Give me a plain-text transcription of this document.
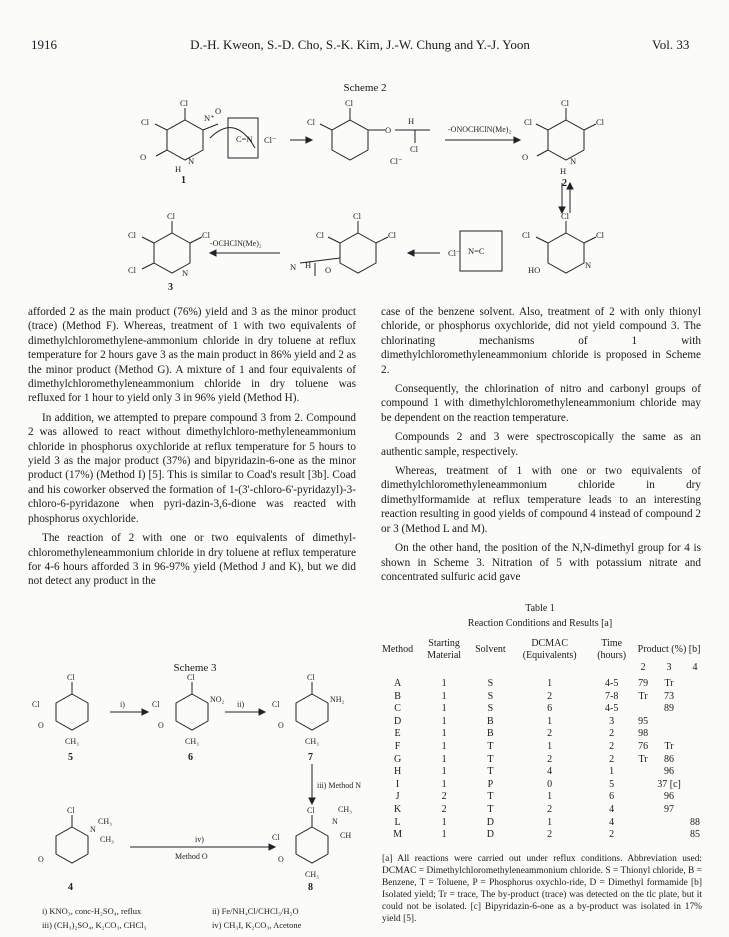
1916	D.-H. Kweon, S.-D. Cho, S.-K. Kim, J.-W. Chung and Y.-J. Yoon	Vol. 33
Scheme 2
Cl
Cl	N⁺
O
O	N
H
Cl⁻
C=N
Cl
Cl
O
H
Cl
Cl⁻
Cl
Cl	Cl
O	N
H
Cl
Cl	Cl
HO	N
Cl⁻ N=C
Cl
Cl	Cl
N H O
Cl
Cl	Cl
Cl	N
1	2
3
-ONOCHClN(Me)₂
-OCHClN(Me)₂

afforded 2 as the main product (76%) yield and 3 as the minor product (trace) (Method F). Whereas, treatment of 1 with two equivalents of dimethylchloromethylene-ammonium chloride in dry toluene at reflux temperature for 2 hours gave 3 as the main product in 86% yield and 2 as the minor product (Method G). A mixture of 1 and four equivalents of dimethylchloromethyleneammonium chloride in dry toluene was refluxed for 1 hour to yield only 3 in 96% yield (Method H).

In addition, we attempted to prepare compound 3 from 2. Compound 2 was allowed to react without dimethylchloro-methyleneammonium chloride in phosphorus oxychloride at reflux temperature for 5 hours to yield 3 as the major product (37%) and bipyridazin-6-one as the minor product (17%) (Method I) [5]. This is similar to Coad's result [3b]. Coad and his coworker observed the formation of 1-(3'-chloro-6'-pyridazyl)-3-chloro-6-pyridazone when pyri-dazin-3,6-dione was reacted with phosphorus oxychloride.

The reaction of 2 with one or two equivalents of dimethyl-chloromethyleneammonium chloride in dry toluene at reflux temperature for 4-6 hours afforded 3 in 96-97% yield (Method J and K), but we did not detect any product in the

case of the benzene solvent. Also, treatment of 2 with only thionyl chloride, or phosphorus oxychloride, did not yield compound 3. The chlorinating mechanisms of 1 with dimethylchloromethyleneammonium chloride is proposed in Scheme 2.

Consequently, the chlorination of nitro and carbonyl groups of compound 1 with dimethylchloromethyleneammonium chloride may be dependent on the reaction temperature.

Compounds 2 and 3 were spectroscopically the same as an authentic sample, respectively.

Whereas, treatment of 1 with one or two equivalents of dimethylchloromethyleneammonium chloride in dry dimethylformamide at reflux temperature leads to an interesting reaction resulting in good yields of compound 4 instead of compound 2 or 3 (Method L and M).

On the other hand, the position of the N,N-dimethyl group for 4 is shown in Scheme 3. Nitration of 5 with potassium nitrate and concentrated sulfuric acid gave

Scheme 3
Cl
Cl
O
CH₃
Cl
Cl
NO₂
O
CH₃
Cl
Cl
NH₂
O
CH₃
Cl
N
CH₃
CH₃
O
Cl
Cl
N
CH₃
CH
O
CH₃
5	6	7
8
4
i)	ii)
iii) Method N
iv)
Method O
i) KNO₃, conc-H₂SO₄, reflux	ii) Fe/NH₄Cl/CHCl₃/H₂O
iii) (CH₃)₂SO₄, K₂CO₃, CHCl₃	iv) CH₃I, K₂CO₃, Acetone
Table 1
Reaction Conditions and Results [a]
Method	Starting Material	Solvent	DCMAC (Equivalents)	Time (hours)	Product (%) [b]		
					2	3	4

A	1	S	1	4-5	79	Tr	
B	1	S	2	7-8	Tr	73	
C	1	S	6	4-5		89	
D	1	B	1	3	95		
E	1	B	2	2	98		
F	1	T	1	2	76	Tr	
G	1	T	2	2	Tr	86	
H	1	T	4	1		96	
I	1	P	0	5		37 [c]	
J	2	T	1	6		96	
K	2	T	2	4		97	
L	1	D	1	4			88
M	1	D	2	2			85
[a] All reactions were carried out under reflux conditions. Abbreviation used: DCMAC = Dimethylchloromethyleneammonium chloride. S = Thionyl chloride, B = Benzene, T = Toluene, P = Phosphorus oxychlo-ride, D = Dimethyl formamide [b] Isolated yield; Tr = trace, The by-product (trace) was detected on the tlc plate, but it could not be isolated. [c] Bipyridazin-6-one as a by-product was isolated in 17% yield [5].
